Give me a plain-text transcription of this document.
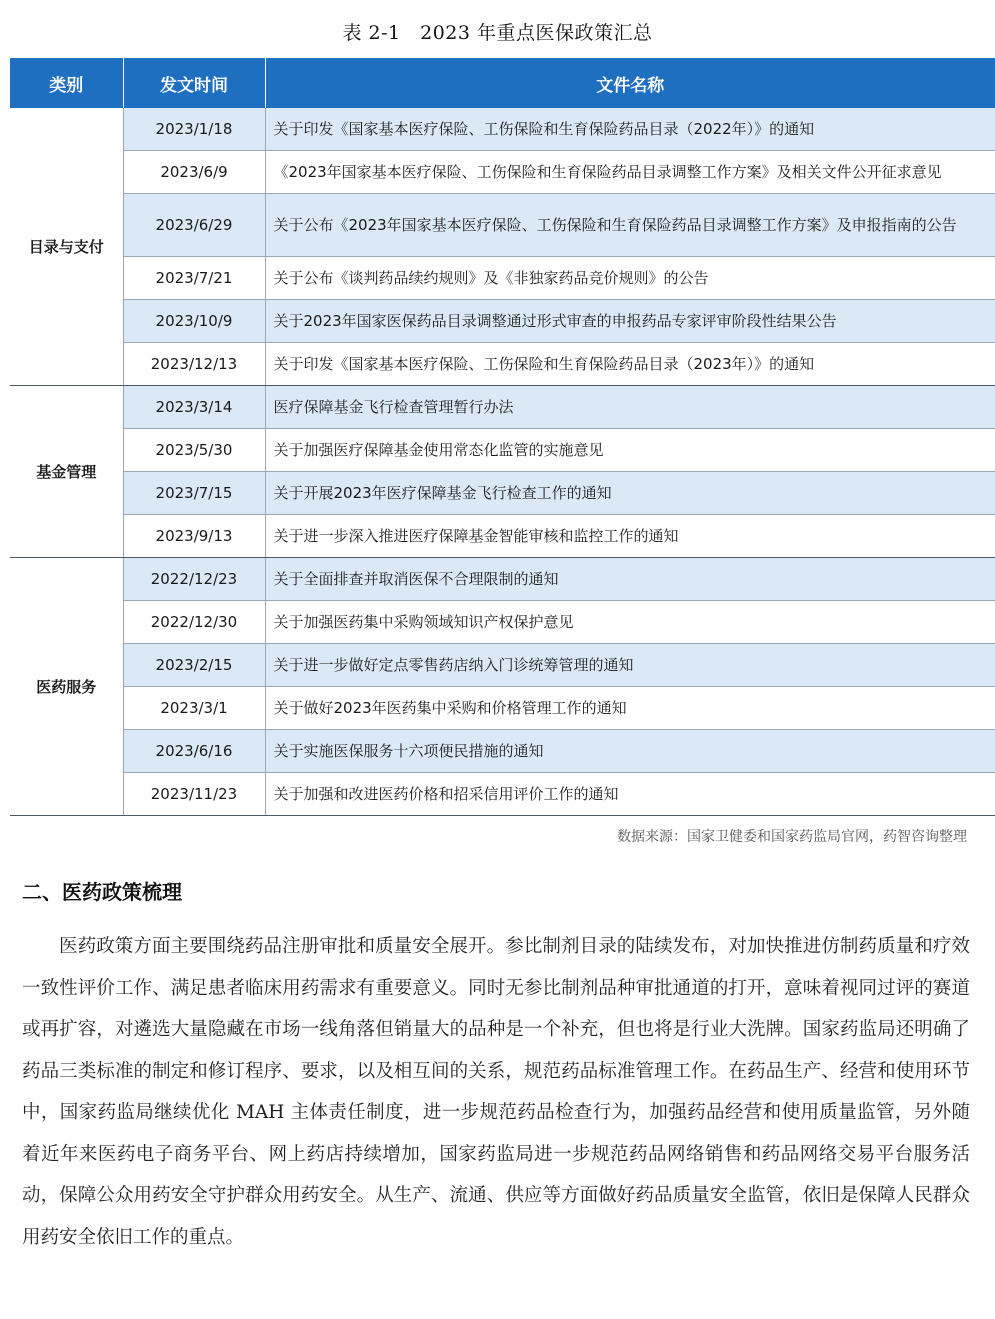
表 2-1　2023 年重点医保政策汇总
类别	发文时间	文件名称
目录与支付	2023/1/18	关于印发《国家基本医疗保险、工伤保险和生育保险药品目录（2022年）》的通知
	2023/6/9	《2023年国家基本医疗保险、工伤保险和生育保险药品目录调整工作方案》及相关文件公开征求意见
	2023/6/29	关于公布《2023年国家基本医疗保险、工伤保险和生育保险药品目录调整工作方案》及申报指南的公告
	2023/7/21	关于公布《谈判药品续约规则》及《非独家药品竞价规则》的公告
	2023/10/9	关于2023年国家医保药品目录调整通过形式审查的申报药品专家评审阶段性结果公告
	2023/12/13	关于印发《国家基本医疗保险、工伤保险和生育保险药品目录（2023年）》的通知
基金管理	2023/3/14	医疗保障基金飞行检查管理暂行办法
	2023/5/30	关于加强医疗保障基金使用常态化监管的实施意见
	2023/7/15	关于开展2023年医疗保障基金飞行检查工作的通知
	2023/9/13	关于进一步深入推进医疗保障基金智能审核和监控工作的通知
医药服务	2022/12/23	关于全面排查并取消医保不合理限制的通知
	2022/12/30	关于加强医药集中采购领域知识产权保护意见
	2023/2/15	关于进一步做好定点零售药店纳入门诊统筹管理的通知
	2023/3/1	关于做好2023年医药集中采购和价格管理工作的通知
	2023/6/16	关于实施医保服务十六项便民措施的通知
	2023/11/23	关于加强和改进医药价格和招采信用评价工作的通知
数据来源：国家卫健委和国家药监局官网，药智咨询整理
二、医药政策梳理

医药政策方面主要围绕药品注册审批和质量安全展开。参比制剂目录的陆续发布，对加快推进仿制药质量和疗效一致性评价工作、满足患者临床用药需求有重要意义。同时无参比制剂品种审批通道的打开，意味着视同过评的赛道或再扩容，对遴选大量隐藏在市场一线角落但销量大的品种是一个补充，但也将是行业大洗牌。国家药监局还明确了药品三类标准的制定和修订程序、要求，以及相互间的关系，规范药品标准管理工作。在药品生产、经营和使用环节中，国家药监局继续优化 MAH 主体责任制度，进一步规范药品检查行为，加强药品经营和使用质量监管，另外随着近年来医药电子商务平台、网上药店持续增加，国家药监局进一步规范药品网络销售和药品网络交易平台服务活动，保障公众用药安全守护群众用药安全。从生产、流通、供应等方面做好药品质量安全监管，依旧是保障人民群众用药安全依旧工作的重点。
